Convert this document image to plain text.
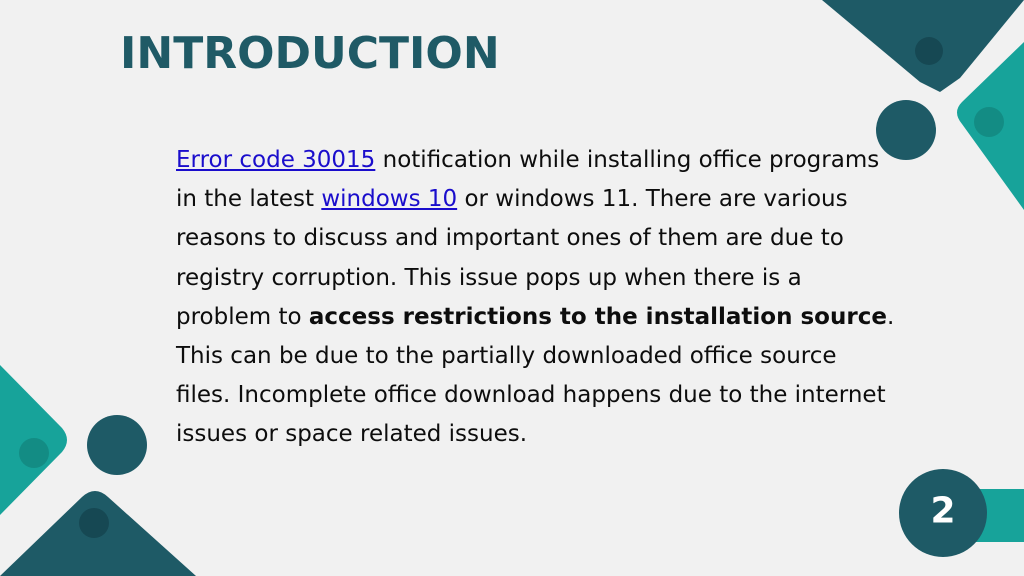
INTRODUCTION
Error code 30015 notification while installing office programs in the latest windows 10 or windows 11. There are various reasons to discuss and important ones of them are due to registry corruption. This issue pops up when there is a problem to access restrictions to the installation source. This can be due to the partially downloaded office source files. Incomplete office download happens due to the internet issues or space related issues.
2
